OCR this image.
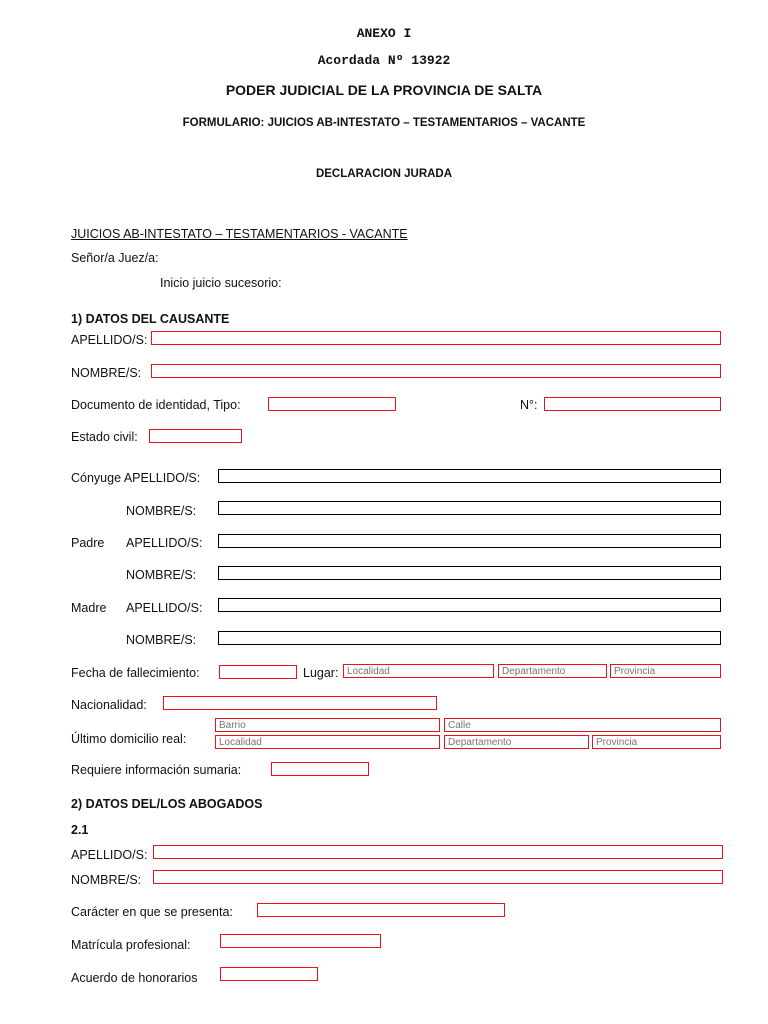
ANEXO I
Acordada Nº 13922
PODER JUDICIAL DE LA PROVINCIA DE SALTA
FORMULARIO: JUICIOS AB-INTESTATO – TESTAMENTARIOS – VACANTE
DECLARACION JURADA
JUICIOS AB-INTESTATO – TESTAMENTARIOS - VACANTE
Señor/a Juez/a:
Inicio juicio sucesorio:
1) DATOS DEL CAUSANTE
APELLIDO/S:
NOMBRE/S:
Documento de identidad, Tipo:	N°:
Estado civil:
Cónyuge APELLIDO/S:
NOMBRE/S:
Padre APELLIDO/S:
NOMBRE/S:
Madre APELLIDO/S:
NOMBRE/S:
Fecha de fallecimiento:	Lugar:
Localidad
Departamento
Provincia
Nacionalidad:
Último domicilio real:
Barrio
Calle
Localidad
Departamento
Provincia
Requiere información sumaria:
2) DATOS DEL/LOS ABOGADOS
2.1
APELLIDO/S:
NOMBRE/S:
Carácter en que se presenta:
Matrícula profesional:
Acuerdo de honorarios
